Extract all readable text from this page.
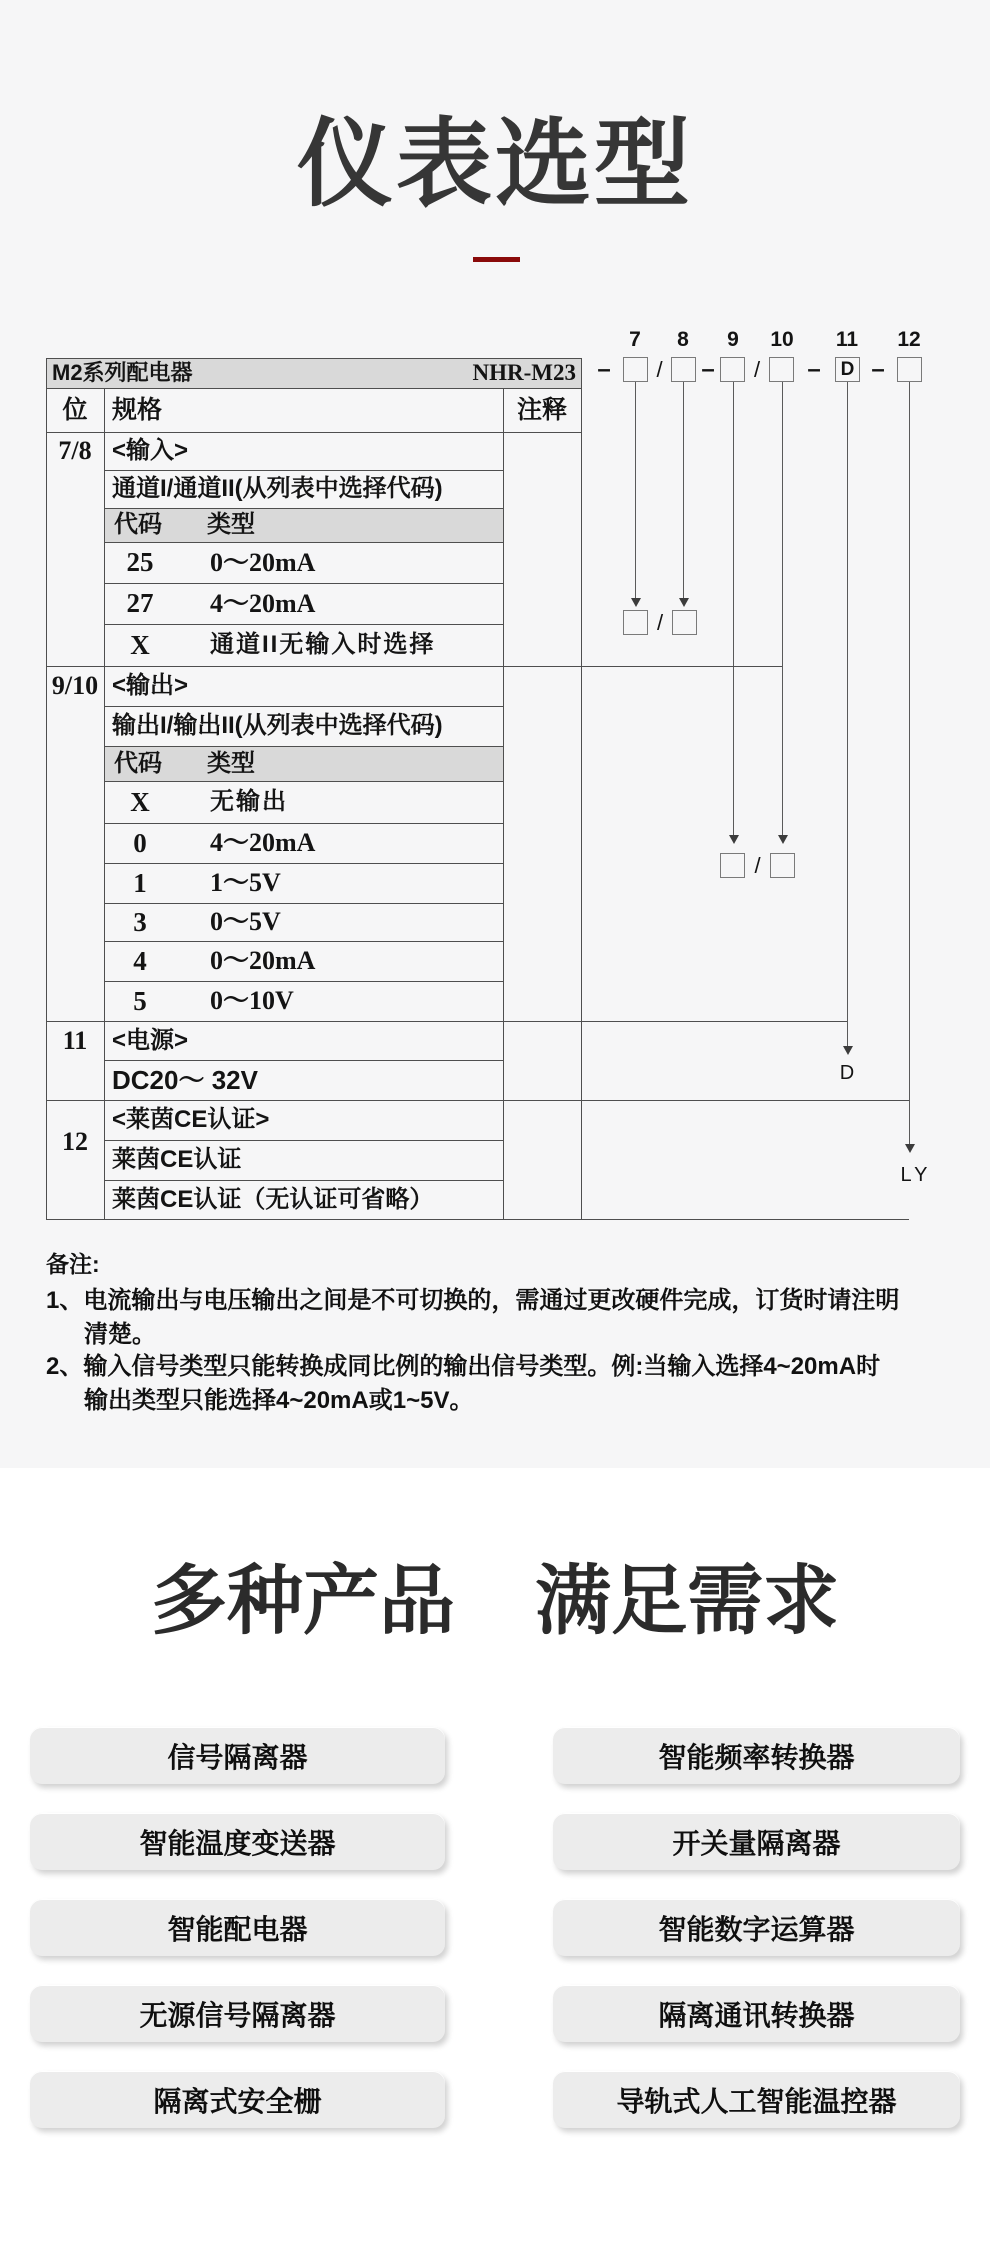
仪表选型
M2系列配电器	NHR-M23
位 规格	注释
7/8 <输入>
通道I/通道II(从列表中选择代码)
代码 类型
25	0～20mA
27	4～20mA
X	通道II无输入时选择
9/10 <输出>
输出I/输出II(从列表中选择代码)
代码 类型
X	无输出
0	4～20mA
1	1～5V
3	0～5V
4	0～20mA
5	0～10V
11	<电源>
DC20～ 32V
12
<莱茵CE认证>
莱茵CE认证
莱茵CE认证（无认证可省略）
7	8	9	10 11 12
–	/	–	/	– D –
/
/
D
LY
备注:
1、电流输出与电压输出之间是不可切换的，需通过更改硬件完成，订货时请注明
清楚。
2、输入信号类型只能转换成同比例的输出信号类型。例:当输入选择4~20mA时
输出类型只能选择4~20mA或1~5V。
多种产品 满足需求
信号隔离器
智能温度变送器
智能配电器
无源信号隔离器
隔离式安全栅
智能频率转换器
开关量隔离器
智能数字运算器
隔离通讯转换器
导轨式人工智能温控器
